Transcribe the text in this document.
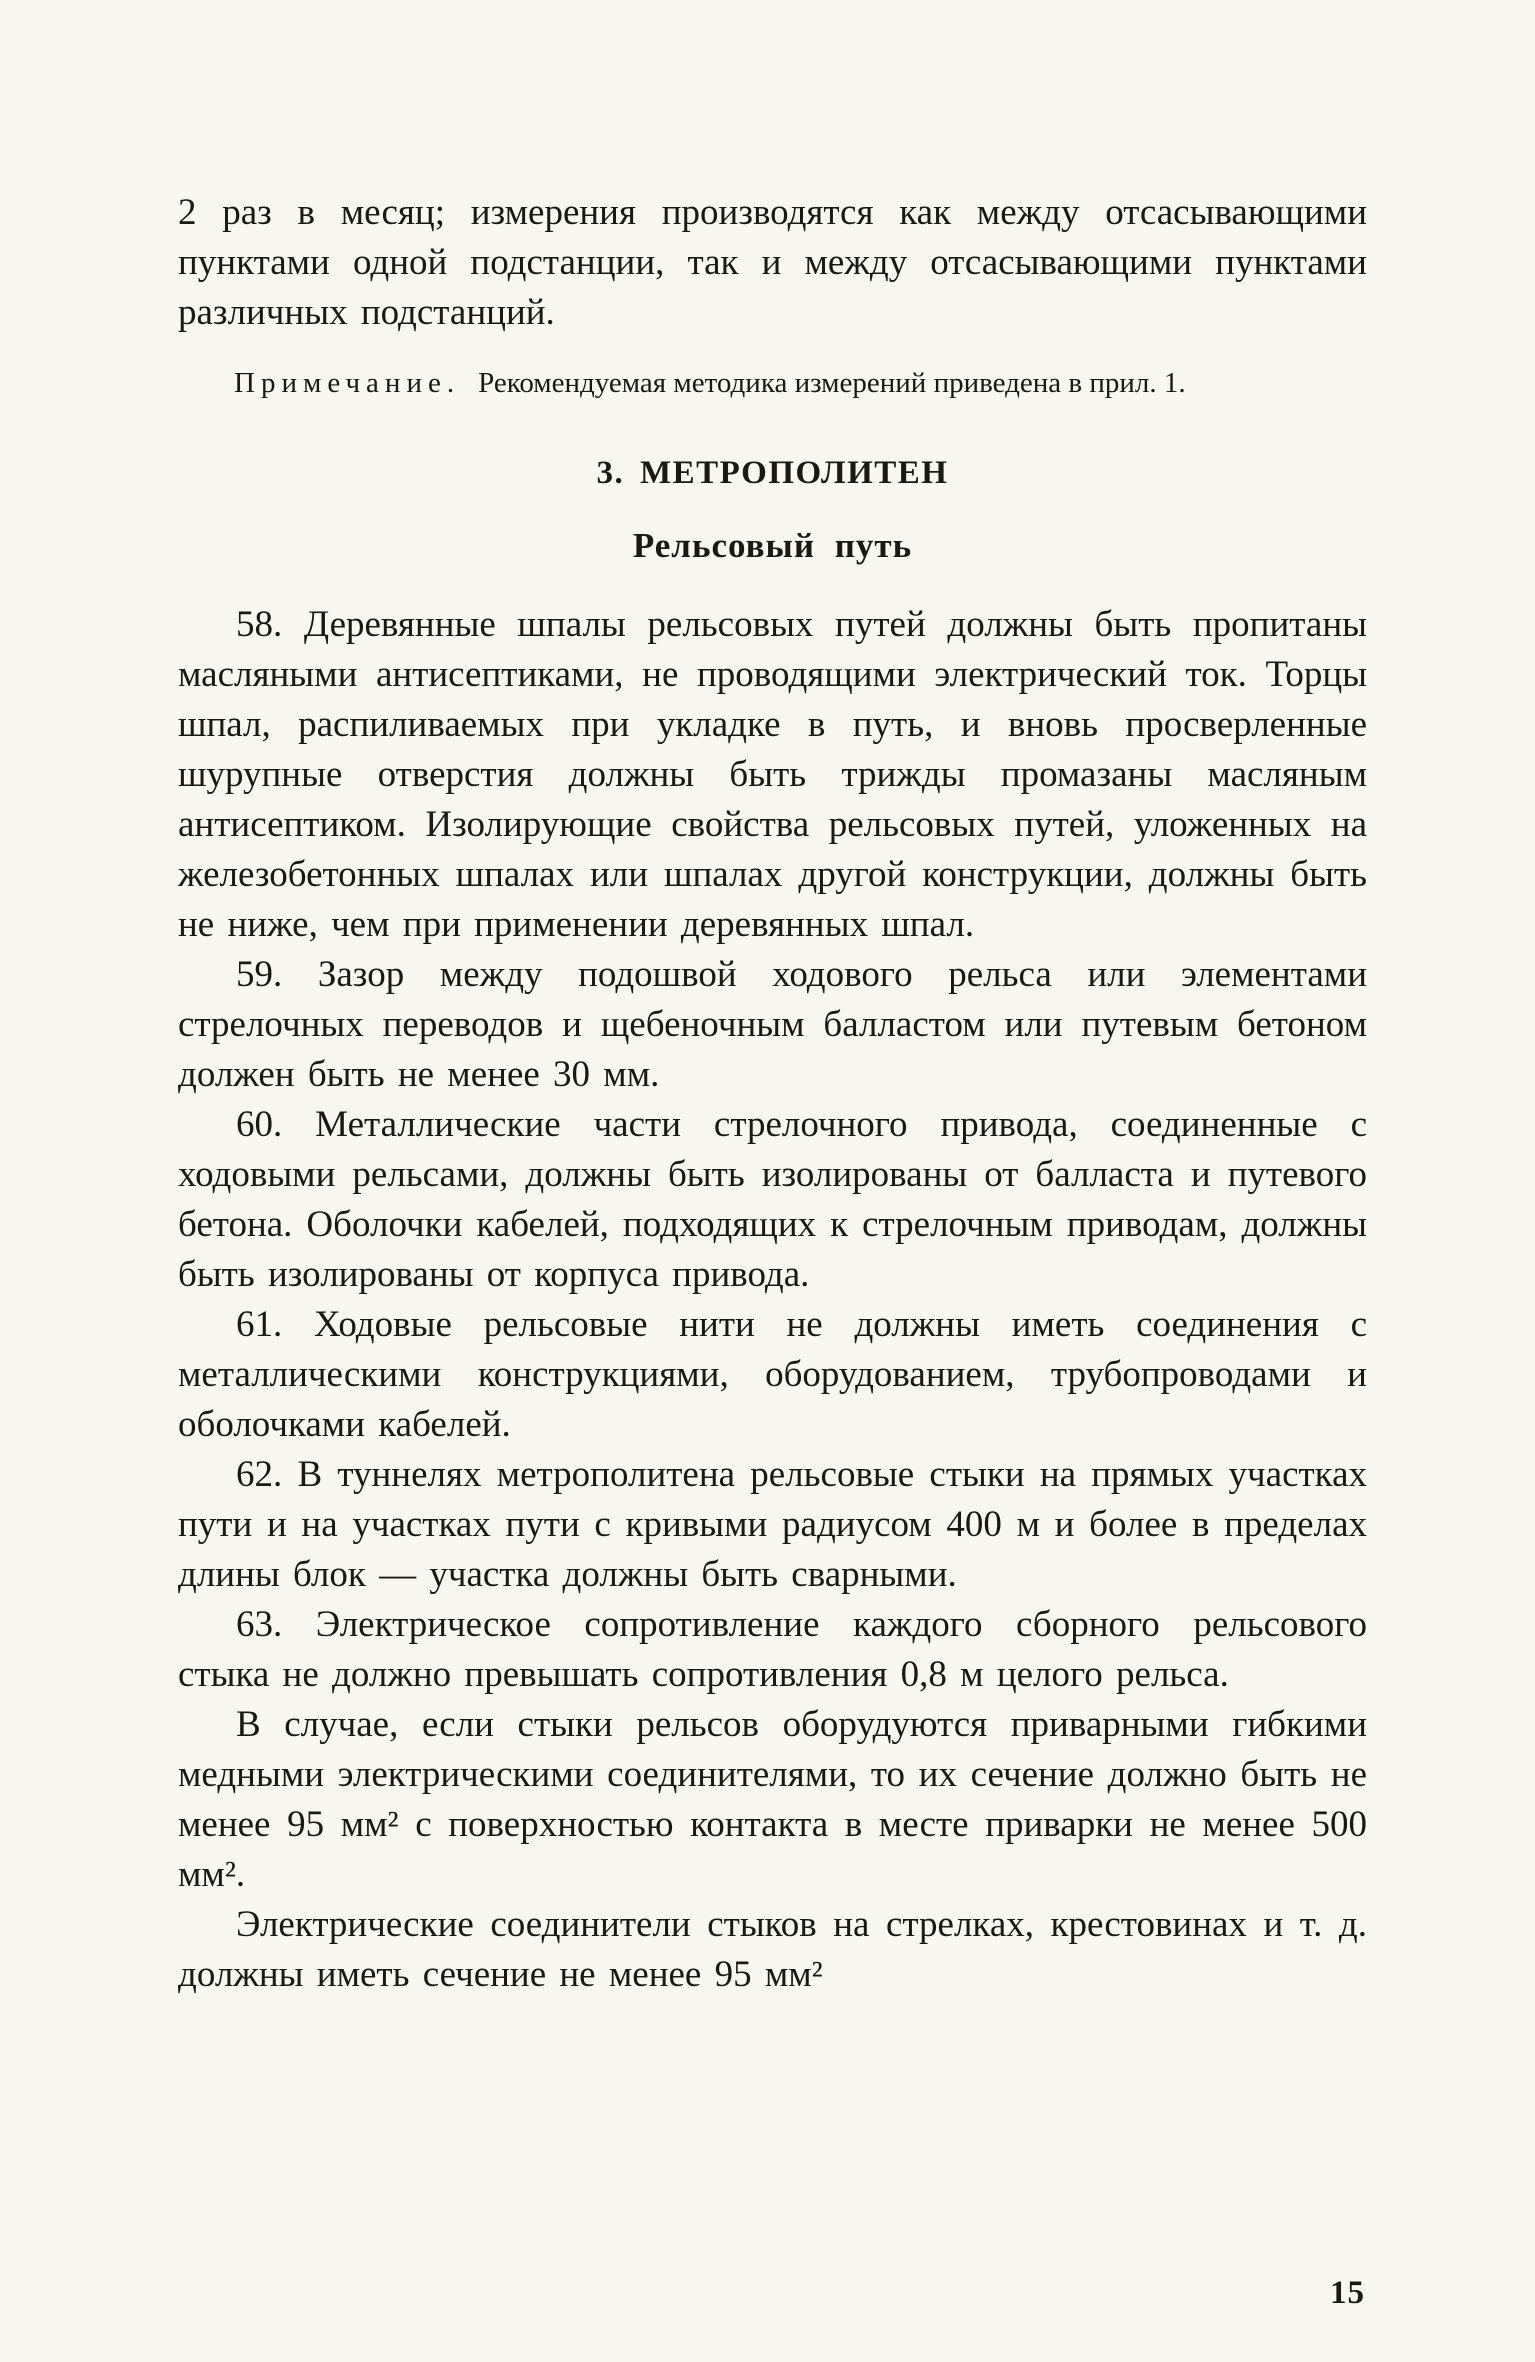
2 раз в месяц; измерения производятся как между отсасывающими пунктами одной подстанции, так и между отсасывающими пунктами различных подстанций.

Примечание. Рекомендуемая методика измерений приведена в прил. 1.

3. МЕТРОПОЛИТЕН
Рельсовый путь

58. Деревянные шпалы рельсовых путей должны быть пропитаны масляными антисептиками, не проводящими электрический ток. Торцы шпал, распиливаемых при укладке в путь, и вновь просверленные шурупные отверстия должны быть трижды промазаны масляным антисептиком. Изолирующие свойства рельсовых путей, уложенных на железобетонных шпалах или шпалах другой конструкции, должны быть не ниже, чем при применении деревянных шпал.

59. Зазор между подошвой ходового рельса или элементами стрелочных переводов и щебеночным балластом или путевым бетоном должен быть не менее 30 мм.

60. Металлические части стрелочного привода, соединенные с ходовыми рельсами, должны быть изолированы от балласта и путевого бетона. Оболочки кабелей, подходящих к стрелочным приводам, должны быть изолированы от корпуса привода.

61. Ходовые рельсовые нити не должны иметь соединения с металлическими конструкциями, оборудованием, трубопроводами и оболочками кабелей.

62. В туннелях метрополитена рельсовые стыки на прямых участках пути и на участках пути с кривыми радиусом 400 м и более в пределах длины блок — участка должны быть сварными.

63. Электрическое сопротивление каждого сборного рельсового стыка не должно превышать сопротивления 0,8 м целого рельса.

В случае, если стыки рельсов оборудуются приварными гибкими медными электрическими соединителями, то их сечение должно быть не менее 95 мм² с поверхностью контакта в месте приварки не менее 500 мм².

Электрические соединители стыков на стрелках, крестовинах и т. д. должны иметь сечение не менее 95 мм²

15
